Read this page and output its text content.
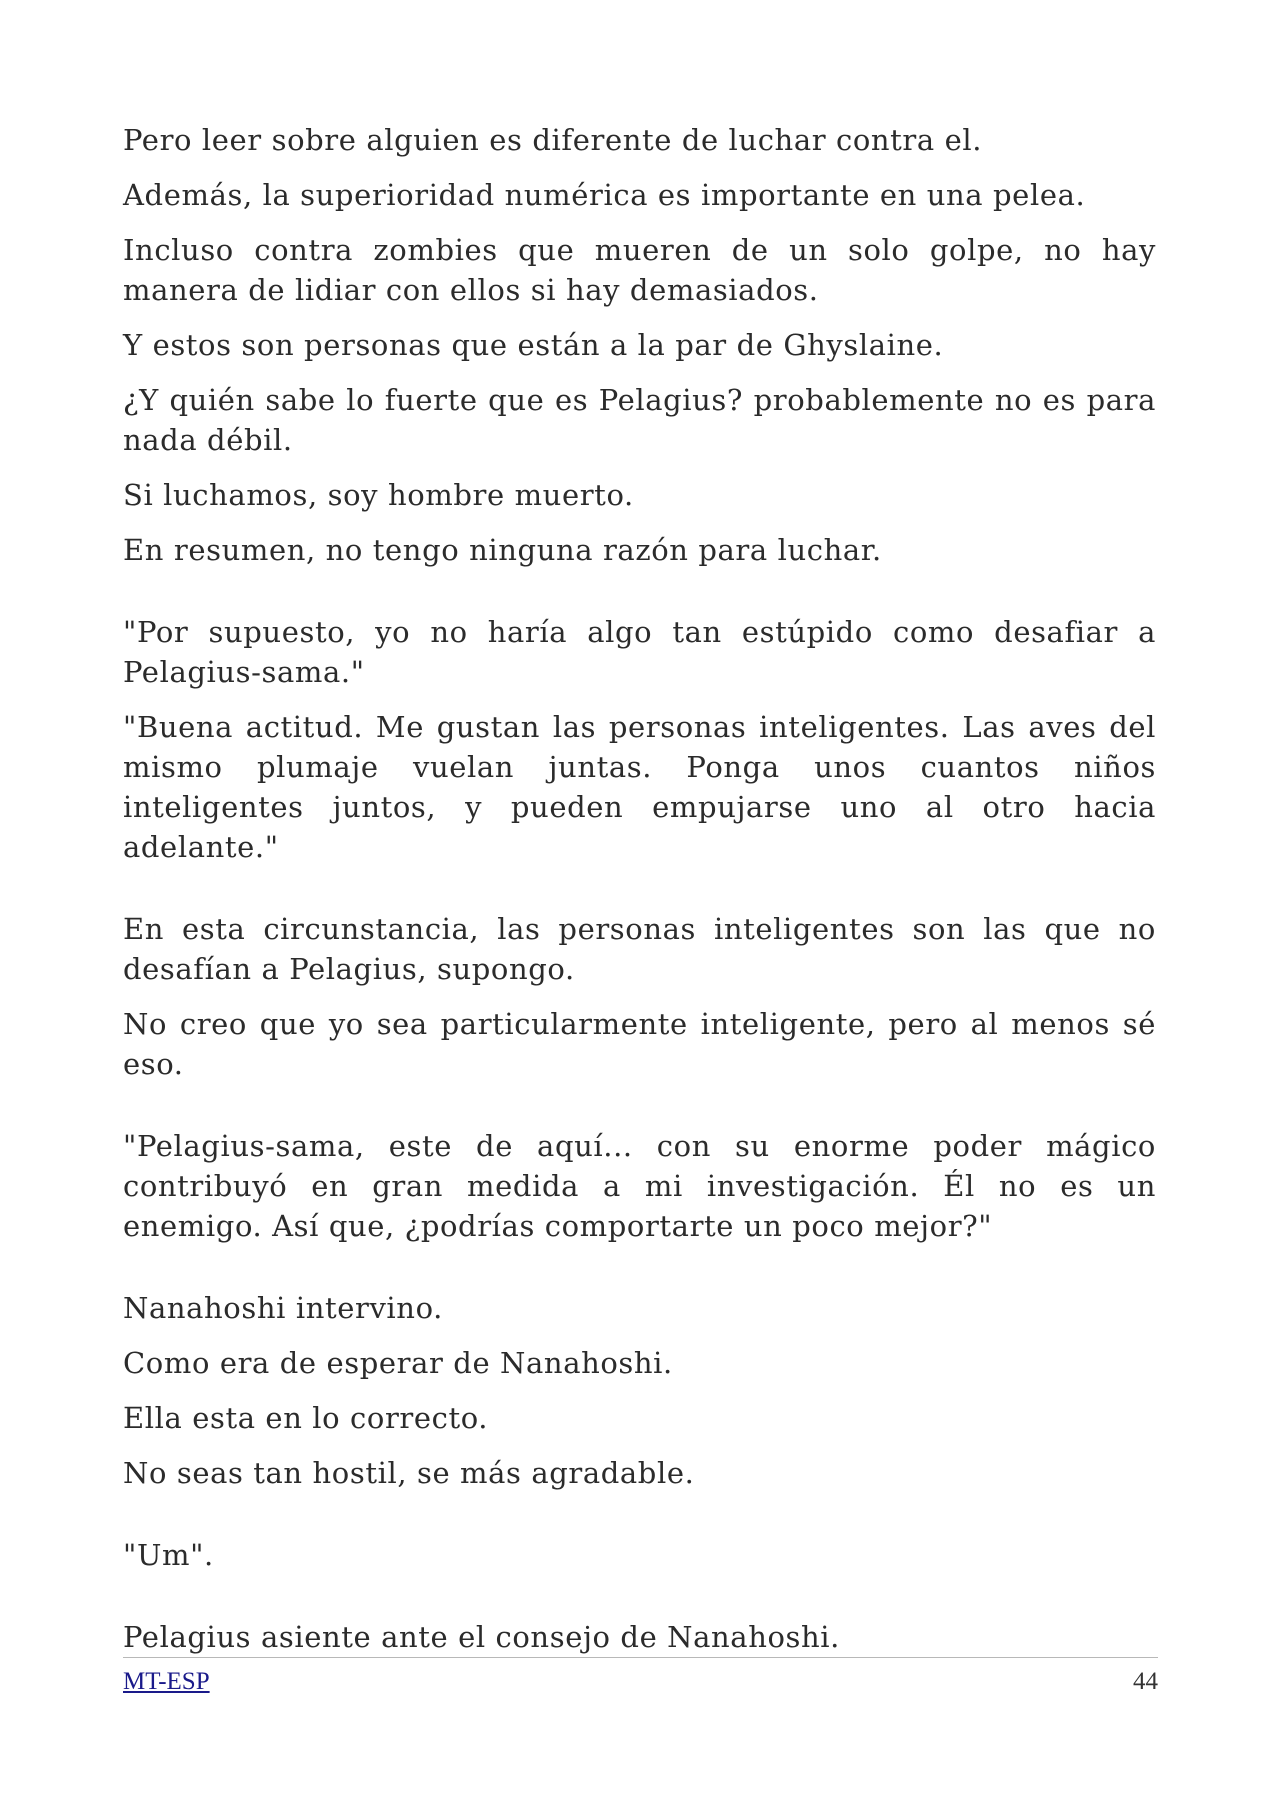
Pero leer sobre alguien es diferente de luchar contra el.

Además, la superioridad numérica es importante en una pelea.

Incluso contra zombies que mueren de un solo golpe, no hay manera de lidiar con ellos si hay demasiados.

Y estos son personas que están a la par de Ghyslaine.

¿Y quién sabe lo fuerte que es Pelagius? probablemente no es para nada débil.

Si luchamos, soy hombre muerto.

En resumen, no tengo ninguna razón para luchar.

"Por supuesto, yo no haría algo tan estúpido como desafiar a Pelagius-sama."

"Buena actitud. Me gustan las personas inteligentes. Las aves del mismo plumaje vuelan juntas. Ponga unos cuantos niños inteligentes juntos, y pueden empujarse uno al otro hacia adelante."

En esta circunstancia, las personas inteligentes son las que no desafían a Pelagius, supongo.

No creo que yo sea particularmente inteligente, pero al menos sé eso.

"Pelagius-sama, este de aquí... con su enorme poder mágico contribuyó en gran medida a mi investigación. Él no es un enemigo. Así que, ¿podrías comportarte un poco mejor?"

Nanahoshi intervino.

Como era de esperar de Nanahoshi.

Ella esta en lo correcto.

No seas tan hostil, se más agradable.

"Um".

Pelagius asiente ante el consejo de Nanahoshi.

MT-ESP	44
